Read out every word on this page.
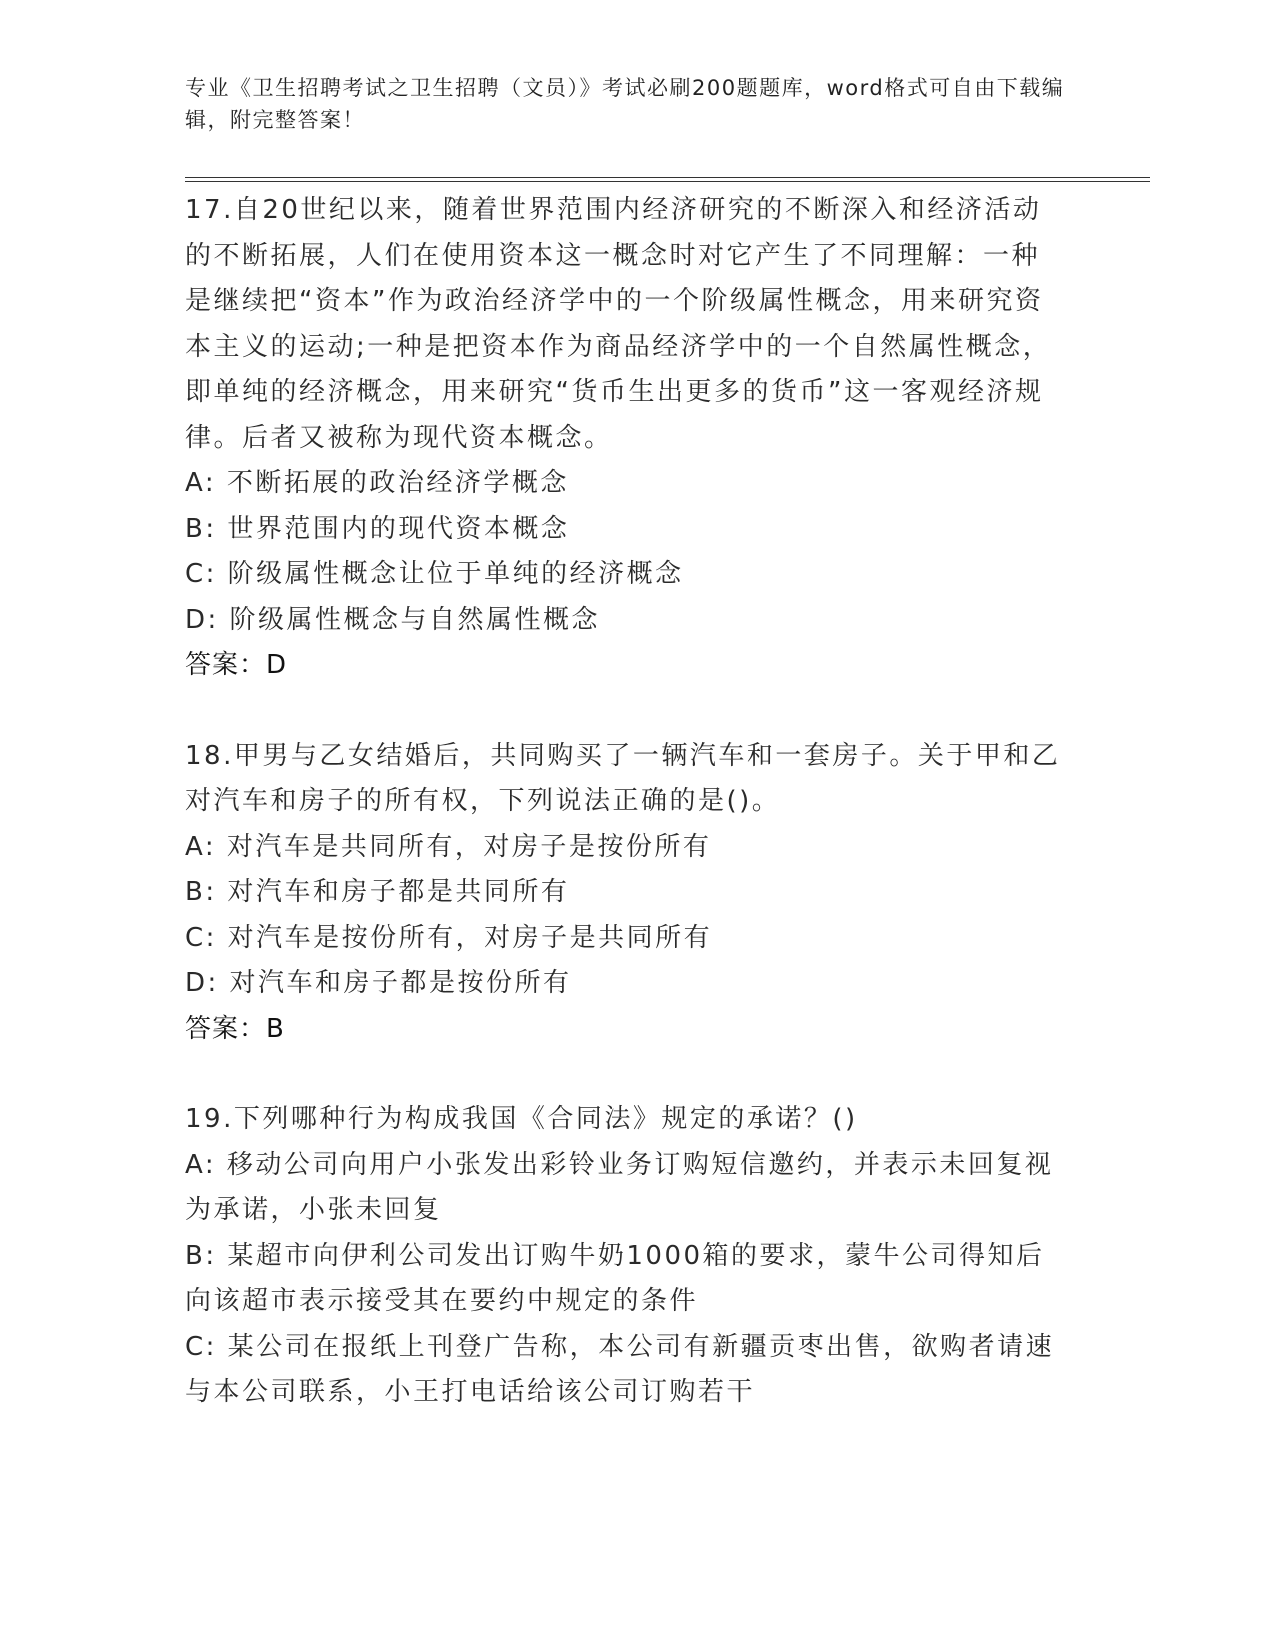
专业《卫生招聘考试之卫生招聘（文员）》考试必刷200题题库，word格式可自由下载编辑，附完整答案！

17.自20世纪以来，随着世界范围内经济研究的不断深入和经济活动的不断拓展，人们在使用资本这一概念时对它产生了不同理解：一种是继续把“资本”作为政治经济学中的一个阶级属性概念，用来研究资本主义的运动;一种是把资本作为商品经济学中的一个自然属性概念，即单纯的经济概念，用来研究“货币生出更多的货币”这一客观经济规律。后者又被称为现代资本概念。

A: 不断拓展的政治经济学概念

B: 世界范围内的现代资本概念

C: 阶级属性概念让位于单纯的经济概念

D: 阶级属性概念与自然属性概念

答案：D

18.甲男与乙女结婚后，共同购买了一辆汽车和一套房子。关于甲和乙对汽车和房子的所有权，下列说法正确的是()。

A: 对汽车是共同所有，对房子是按份所有

B: 对汽车和房子都是共同所有

C: 对汽车是按份所有，对房子是共同所有

D: 对汽车和房子都是按份所有

答案：B

19.下列哪种行为构成我国《合同法》规定的承诺？()

A: 移动公司向用户小张发出彩铃业务订购短信邀约，并表示未回复视为承诺，小张未回复

B: 某超市向伊利公司发出订购牛奶1000箱的要求，蒙牛公司得知后向该超市表示接受其在要约中规定的条件

C: 某公司在报纸上刊登广告称，本公司有新疆贡枣出售，欲购者请速与本公司联系，小王打电话给该公司订购若干
